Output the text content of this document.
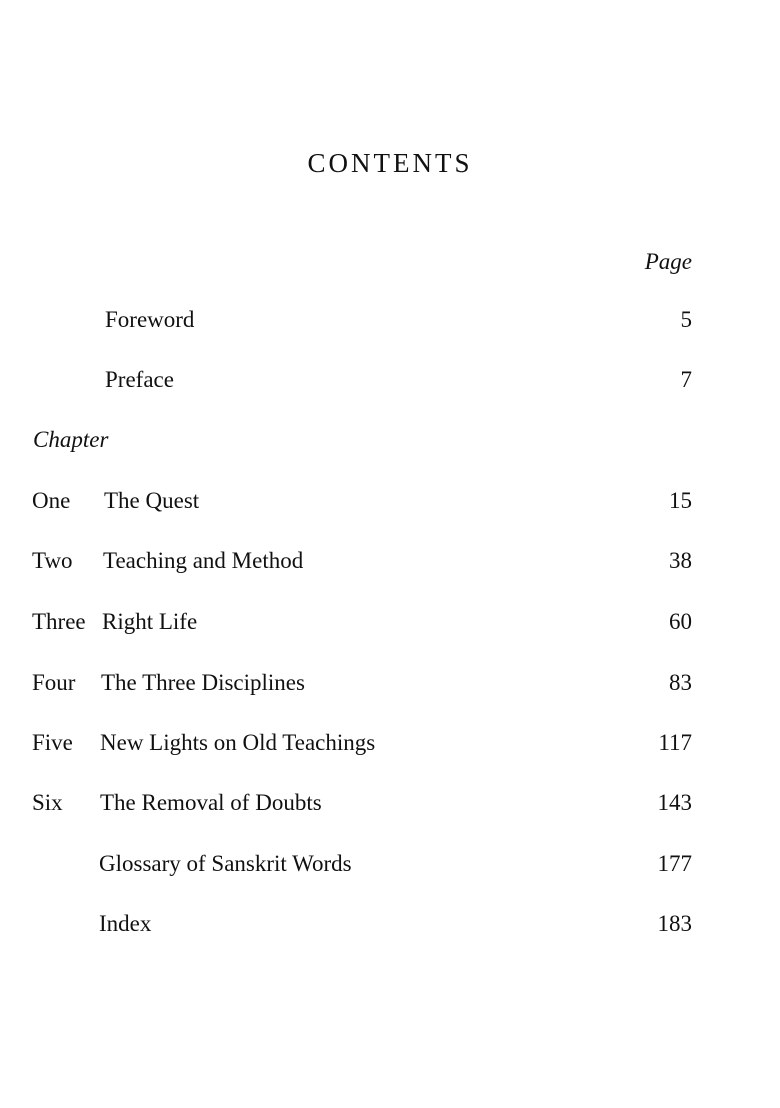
CONTENTS
Page
Foreword	5
Preface	7
Chapter
One The Quest	15
Two Teaching and Method	38
Three Right Life	60
Four The Three Disciplines	83
Five New Lights on Old Teachings	117
Six The Removal of Doubts	143
Glossary of Sanskrit Words	177
Index	183
